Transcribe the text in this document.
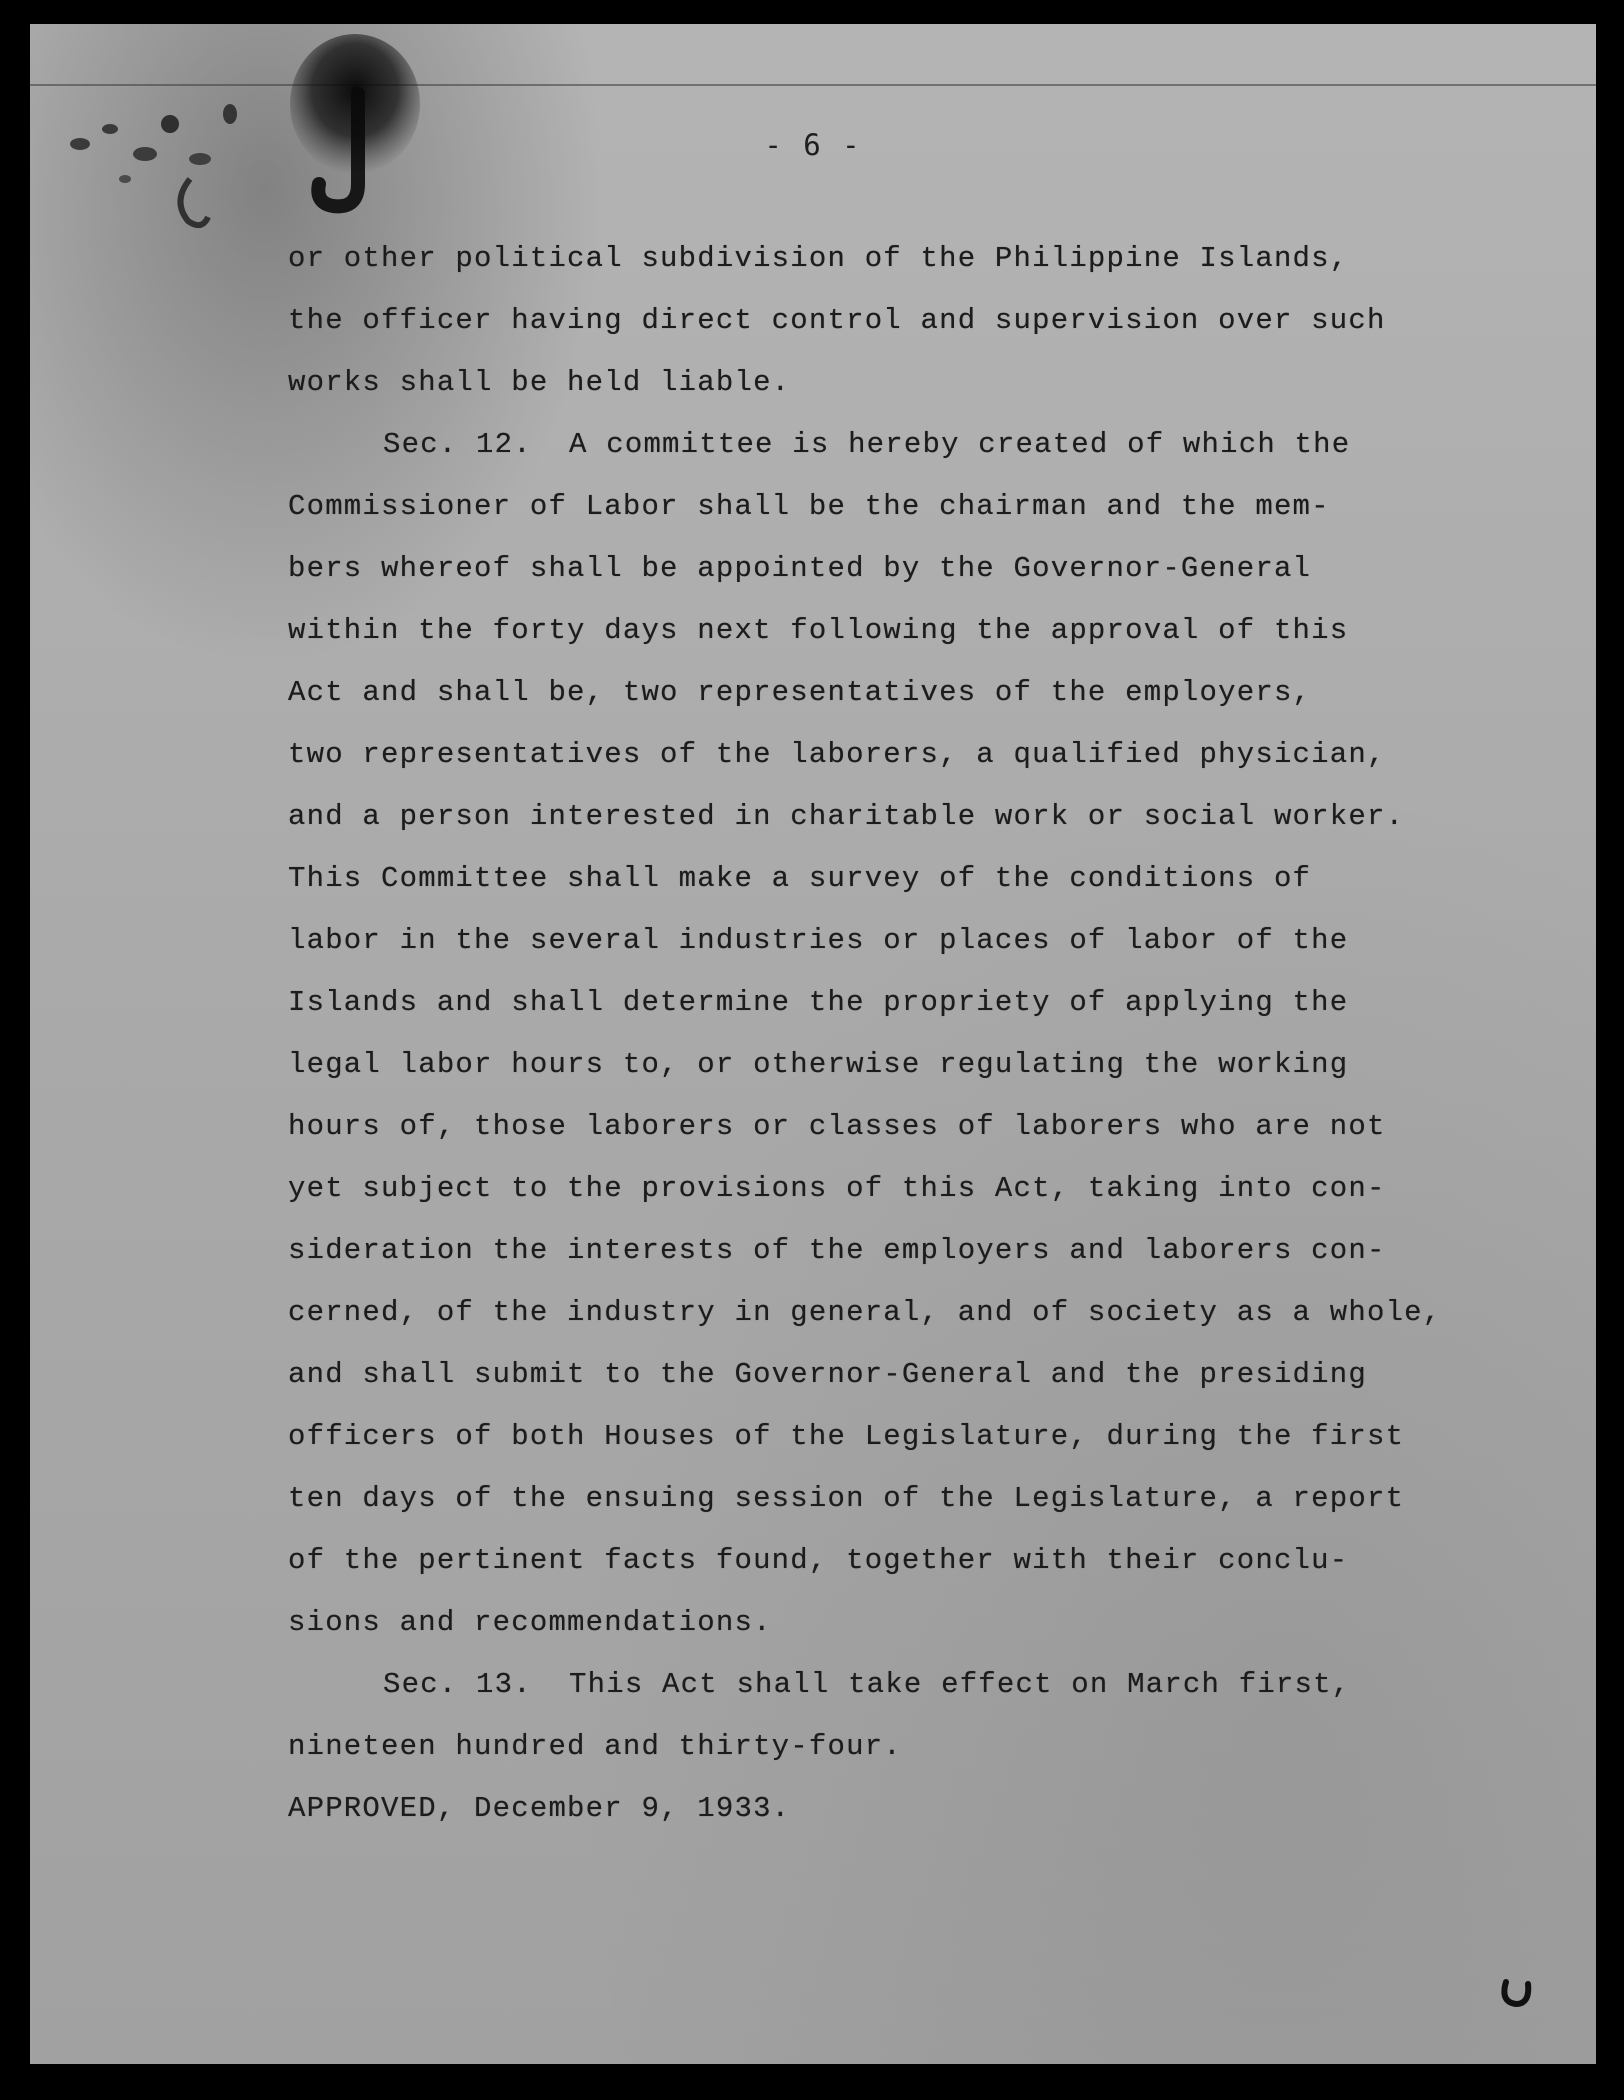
- 6 -
or other political subdivision of the Philippine Islands,
the officer having direct control and supervision over such
works shall be held liable.
Sec. 12.  A committee is hereby created of which the
Commissioner of Labor shall be the chairman and the mem-
bers whereof shall be appointed by the Governor-General
within the forty days next following the approval of this
Act and shall be, two representatives of the employers,
two representatives of the laborers, a qualified physician,
and a person interested in charitable work or social worker.
This Committee shall make a survey of the conditions of
labor in the several industries or places of labor of the
Islands and shall determine the propriety of applying the
legal labor hours to, or otherwise regulating the working
hours of, those laborers or classes of laborers who are not
yet subject to the provisions of this Act, taking into con-
sideration the interests of the employers and laborers con-
cerned, of the industry in general, and of society as a whole,
and shall submit to the Governor-General and the presiding
officers of both Houses of the Legislature, during the first
ten days of the ensuing session of the Legislature, a report
of the pertinent facts found, together with their conclu-
sions and recommendations.
Sec. 13.  This Act shall take effect on March first,
nineteen hundred and thirty-four.
APPROVED, December 9, 1933.
